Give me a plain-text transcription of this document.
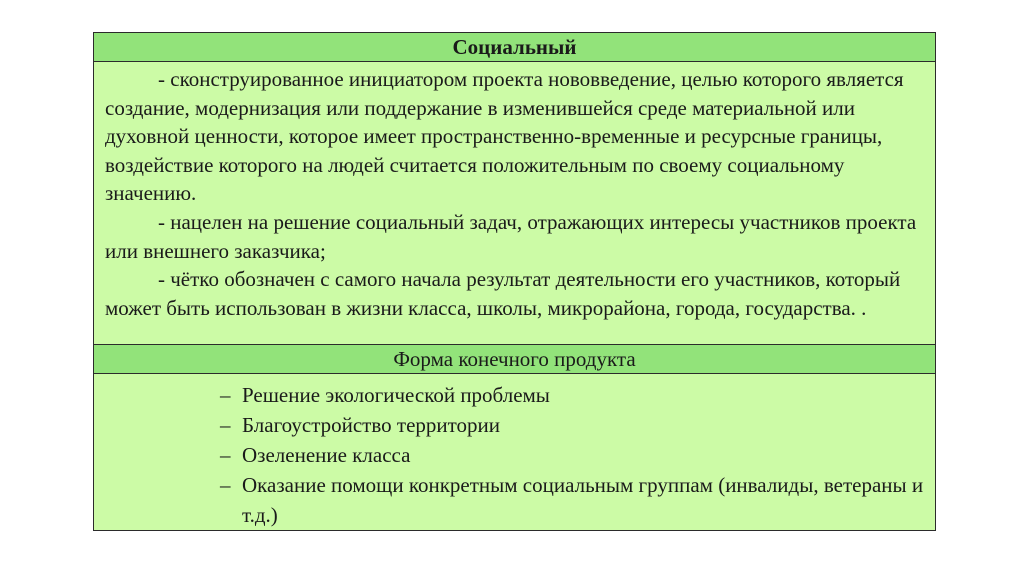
Социальный

- сконструированное инициатором проекта нововведение, целью которого является создание, модернизация или поддержание в изменившейся среде материальной или духовной ценности, которое имеет пространственно-временные и ресурсные границы, воздействие которого на людей считается положительным по своему социальному значению.

- нацелен на решение социальный задач, отражающих интересы участников проекта или внешнего заказчика;

- чётко обозначен с самого начала результат деятельности его участников, который может быть использован в жизни класса, школы, микрорайона, города, государства. .

Форма конечного продукта

– Решение экологической проблемы
– Благоустройство территории
– Озеленение класса
– Оказание помощи конкретным социальным группам (инвалиды, ветераны и т.д.)
